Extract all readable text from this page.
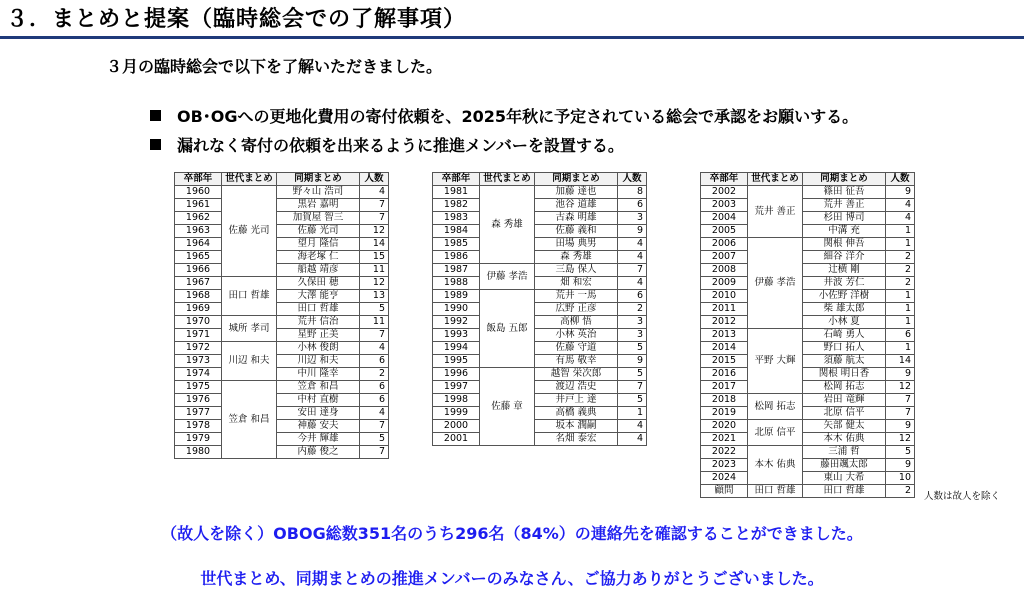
３．まとめと提案（臨時総会での了解事項）
３月の臨時総会で以下を了解いただきました。
OB･OGへの更地化費用の寄付依頼を、2025年秋に予定されている総会で承認をお願いする。
漏れなく寄付の依頼を出来るように推進メンバーを設置する。
卒部年	世代まとめ	同期まとめ	人数
1960	佐藤 光司	野々山 浩司	4
1961		黒岩 嘉明	7
1962		加賀屋 智三	7
1963		佐藤 光司	12
1964		望月 隆信	14
1965		海老塚 仁	15
1966		船越 靖彦	11
1967	田口 哲雄	久保田 穂	12
1968		大澤 能亨	13
1969		田口 哲雄	5
1970	城所 孝司	荒井 信治	11
1971		星野 正美	7
1972	川辺 和夫	小林 俊朗	4
1973		川辺 和夫	6
1974		中川 隆幸	2
1975	笠倉 和昌	笠倉 和昌	6
1976		中村 直樹	6
1977		安田 達身	4
1978		神藤 安夫	7
1979		今井 輝雄	5
1980		内藤 俊之	7
卒部年	世代まとめ	同期まとめ	人数
1981	森 秀雄	加藤 達也	8
1982		池谷 道雄	6
1983		古森 明雄	3
1984		佐藤 義和	9
1985		田場 典男	4
1986		森 秀雄	4
1987	伊藤 孝浩	三島 保人	7
1988		畑 和宏	4
1989	飯島 五郎	荒井 一馬	6
1990		広野 正彦	2
1992		高柳 悟	3
1993		小林 英治	3
1994		佐藤 守道	5
1995		有馬 敬幸	9
1996	佐藤 章	越智 栄次郎	5
1997		渡辺 浩史	7
1998		井戸上 達	5
1999		高橋 義典	1
2000		坂本 潤嗣	4
2001		名畑 泰宏	4
卒部年	世代まとめ	同期まとめ	人数
2002	荒井 善正	篠田 征吾	9
2003		荒井 善正	4
2004		杉田 博司	4
2005		中溝 充	1
2006	伊藤 孝浩	関根 伸吾	1
2007		細谷 洋介	2
2008		辻横 剛	2
2009		井波 芳仁	2
2010		小佐野 洋樹	1
2011		柴 雄太郎	1
2012		小林 夏	1
2013	平野 大輝	石崎 勇人	6
2014		野口 拓人	1
2015		須藤 航太	14
2016		関根 明日香	9
2017		松岡 拓志	12
2018	松岡 拓志	岩田 竜輝	7
2019		北原 信平	7
2020	北原 信平	矢部 健太	9
2021		本木 佑典	12
2022	本木 佑典	三浦 哲	5
2023		藤田颯太郎	9
2024		東山 大希	10
顧問	田口 哲雄	田口 哲雄	2
人数は故人を除く
（故人を除く）OBOG総数351名のうち296名（84%）の連絡先を確認することができました。
世代まとめ、同期まとめの推進メンバーのみなさん、ご協力ありがとうございました。
